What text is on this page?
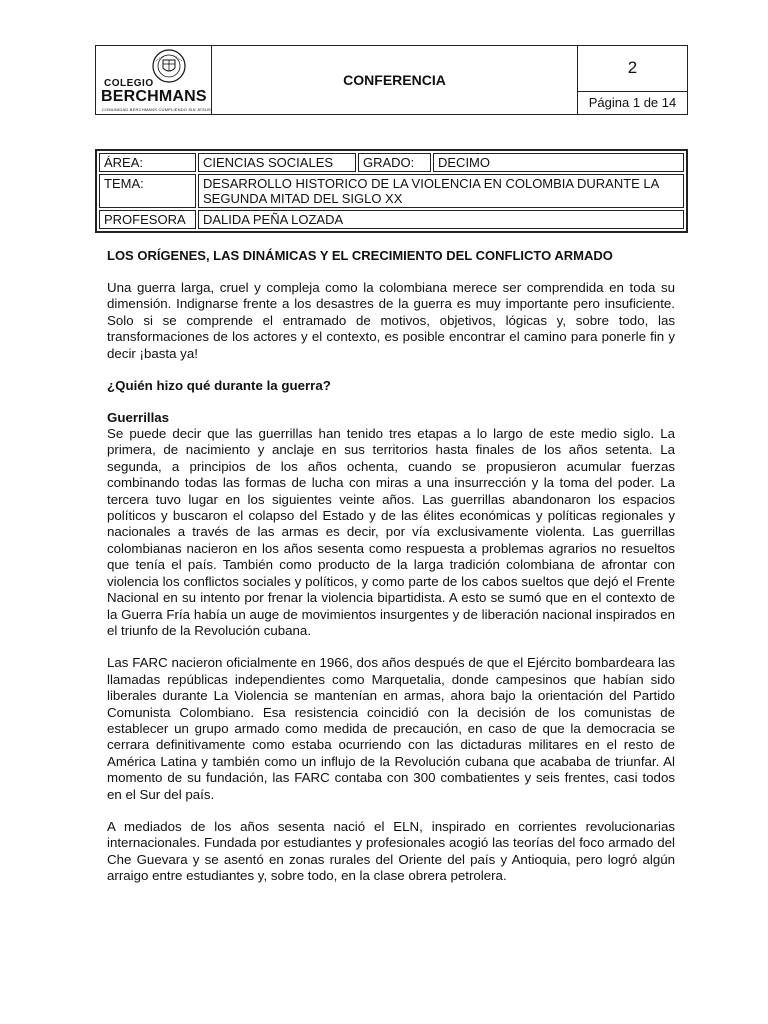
COLEGIO
BERCHMANS
COMUNIDAD BERCHMANS CUMPLIENDO SIN JESUS
	CONFERENCIA	2
Página 1 de 14
ÁREA:	CIENCIAS SOCIALES	GRADO:	DECIMO
TEMA:	DESARROLLO HISTORICO DE LA VIOLENCIA EN COLOMBIA DURANTE LA SEGUNDA MITAD DEL SIGLO XX		
PROFESORA	DALIDA PEÑA LOZADA		
LOS ORÍGENES, LAS DINÁMICAS Y EL CRECIMIENTO DEL CONFLICTO ARMADO

Una guerra larga, cruel y compleja como la colombiana merece ser comprendida en toda su dimensión. Indignarse frente a los desastres de la guerra es muy importante pero insuficiente. Solo si se comprende el entramado de motivos, objetivos, lógicas y, sobre todo, las transformaciones de los actores y el contexto, es posible encontrar el camino para ponerle fin y decir ¡basta ya!

¿Quién hizo qué durante la guerra?
Guerrillas

Se puede decir que las guerrillas han tenido tres etapas a lo largo de este medio siglo. La primera, de nacimiento y anclaje en sus territorios hasta finales de los años setenta. La segunda, a principios de los años ochenta, cuando se propusieron acumular fuerzas combinando todas las formas de lucha con miras a una insurrección y la toma del poder. La tercera tuvo lugar en los siguientes veinte años. Las guerrillas abandonaron los espacios políticos y buscaron el colapso del Estado y de las élites económicas y políticas regionales y nacionales a través de las armas es decir, por vía exclusivamente violenta. Las guerrillas colombianas nacieron en los años sesenta como respuesta a problemas agrarios no resueltos que tenía el país. También como producto de la larga tradición colombiana de afrontar con violencia los conflictos sociales y políticos, y como parte de los cabos sueltos que dejó el Frente Nacional en su intento por frenar la violencia bipartidista. A esto se sumó que en el contexto de la Guerra Fría había un auge de movimientos insurgentes y de liberación nacional inspirados en el triunfo de la Revolución cubana.

Las FARC nacieron oficialmente en 1966, dos años después de que el Ejército bombardeara las llamadas repúblicas independientes como Marquetalia, donde campesinos que habían sido liberales durante La Violencia se mantenían en armas, ahora bajo la orientación del Partido Comunista Colombiano. Esa resistencia coincidió con la decisión de los comunistas de establecer un grupo armado como medida de precaución, en caso de que la democracia se cerrara definitivamente como estaba ocurriendo con las dictaduras militares en el resto de América Latina y también como un influjo de la Revolución cubana que acababa de triunfar. Al momento de su fundación, las FARC contaba con 300 combatientes y seis frentes, casi todos en el Sur del país.

A mediados de los años sesenta nació el ELN, inspirado en corrientes revolucionarias internacionales. Fundada por estudiantes y profesionales acogió las teorías del foco armado del Che Guevara y se asentó en zonas rurales del Oriente del país y Antioquia, pero logró algún arraigo entre estudiantes y, sobre todo, en la clase obrera petrolera.
